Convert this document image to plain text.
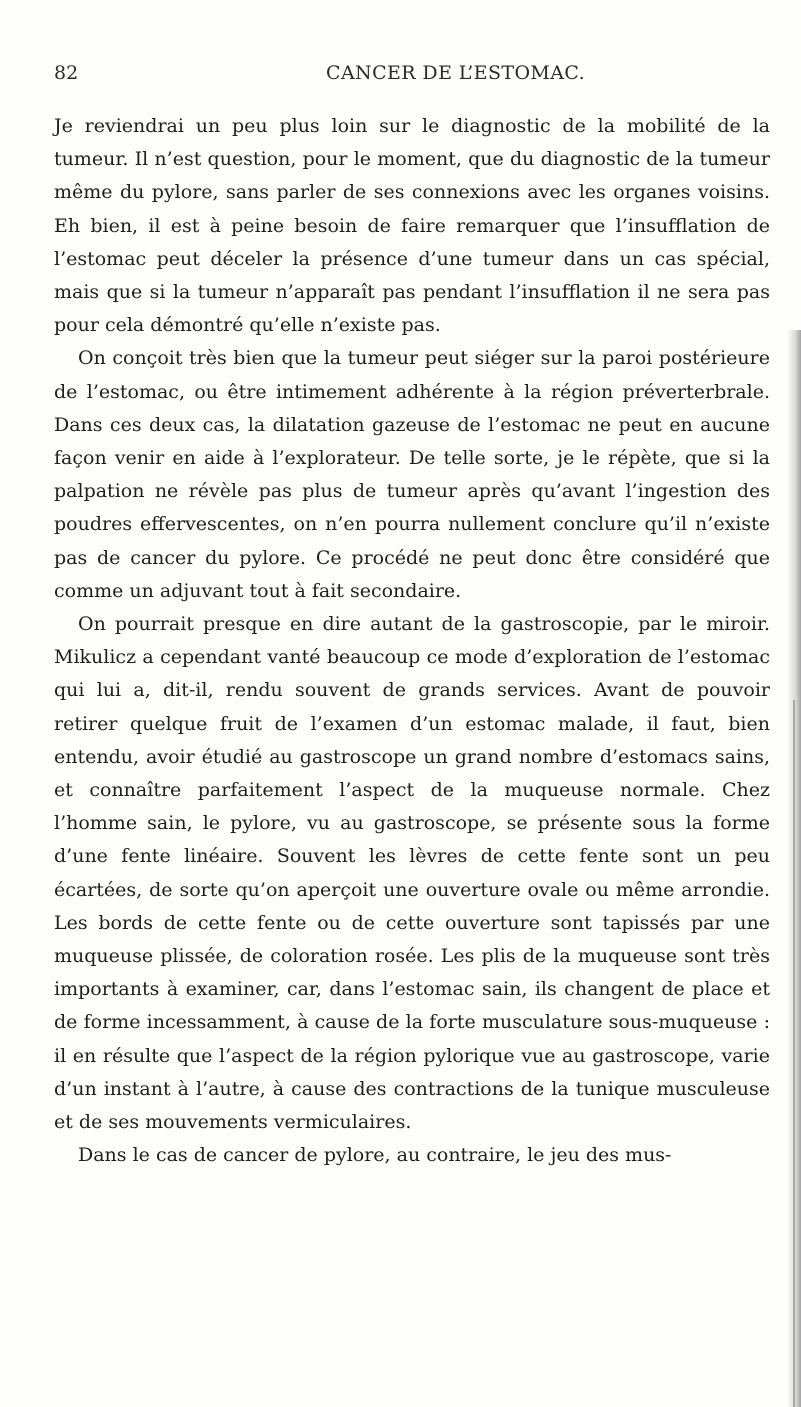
82	CANCER DE L’ESTOMAC.

Je reviendrai un peu plus loin sur le diagnostic de la mobilité de la tumeur. Il n’est question, pour le moment, que du diagnostic de la tumeur même du pylore, sans parler de ses connexions avec les organes voisins. Eh bien, il est à peine besoin de faire remarquer que l’insufflation de l’estomac peut déceler la présence d’une tumeur dans un cas spécial, mais que si la tumeur n’apparaît pas pendant l’insufflation il ne sera pas pour cela démontré qu’elle n’existe pas.

On conçoit très bien que la tumeur peut siéger sur la paroi postérieure de l’estomac, ou être intimement adhérente à la région préverterbrale. Dans ces deux cas, la dilatation gazeuse de l’estomac ne peut en aucune façon venir en aide à l’explorateur. De telle sorte, je le répète, que si la palpation ne révèle pas plus de tumeur après qu’avant l’ingestion des poudres effervescentes, on n’en pourra nullement conclure qu’il n’existe pas de cancer du pylore. Ce procédé ne peut donc être considéré que comme un adjuvant tout à fait secondaire.

On pourrait presque en dire autant de la gastroscopie, par le miroir. Mikulicz a cependant vanté beaucoup ce mode d’exploration de l’estomac qui lui a, dit-il, rendu souvent de grands services. Avant de pouvoir retirer quelque fruit de l’examen d’un estomac malade, il faut, bien entendu, avoir étudié au gastroscope un grand nombre d’estomacs sains, et connaître parfaitement l’aspect de la muqueuse normale. Chez l’homme sain, le pylore, vu au gastroscope, se présente sous la forme d’une fente linéaire. Souvent les lèvres de cette fente sont un peu écartées, de sorte qu’on aperçoit une ouverture ovale ou même arrondie. Les bords de cette fente ou de cette ouverture sont tapissés par une muqueuse plissée, de coloration rosée. Les plis de la muqueuse sont très importants à examiner, car, dans l’estomac sain, ils changent de place et de forme incessamment, à cause de la forte musculature sous-muqueuse : il en résulte que l’aspect de la région pylorique vue au gastroscope, varie d’un instant à l’autre, à cause des contractions de la tunique musculeuse et de ses mouvements vermiculaires.

Dans le cas de cancer de pylore, au contraire, le jeu des mus-
